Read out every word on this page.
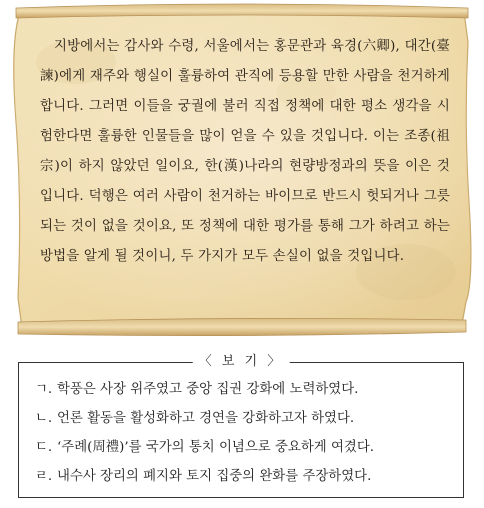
지방에서는 감사와 수령, 서울에서는 홍문관과 육경(六卿), 대간(臺諫)에게 재주와 행실이 훌륭하여 관직에 등용할 만한 사람을 천거하게 합니다. 그러면 이들을 궁궐에 불러 직접 정책에 대한 평소 생각을 시험한다면 훌륭한 인물들을 많이 얻을 수 있을 것입니다. 이는 조종(祖宗)이 하지 않았던 일이요, 한(漢)나라의 현량방정과의 뜻을 이은 것입니다. 덕행은 여러 사람이 천거하는 바이므로 반드시 헛되거나 그릇되는 것이 없을 것이요, 또 정책에 대한 평가를 통해 그가 하려고 하는 방법을 알게 될 것이니, 두 가지가 모두 손실이 없을 것입니다.

〈 보 기 〉
ㄱ. 학풍은 사장 위주였고 중앙 집권 강화에 노력하였다.
ㄴ. 언론 활동을 활성화하고 경연을 강화하고자 하였다.
ㄷ. ‘주례(周禮)’를 국가의 통치 이념으로 중요하게 여겼다.
ㄹ. 내수사 장리의 폐지와 토지 집중의 완화를 주장하였다.
